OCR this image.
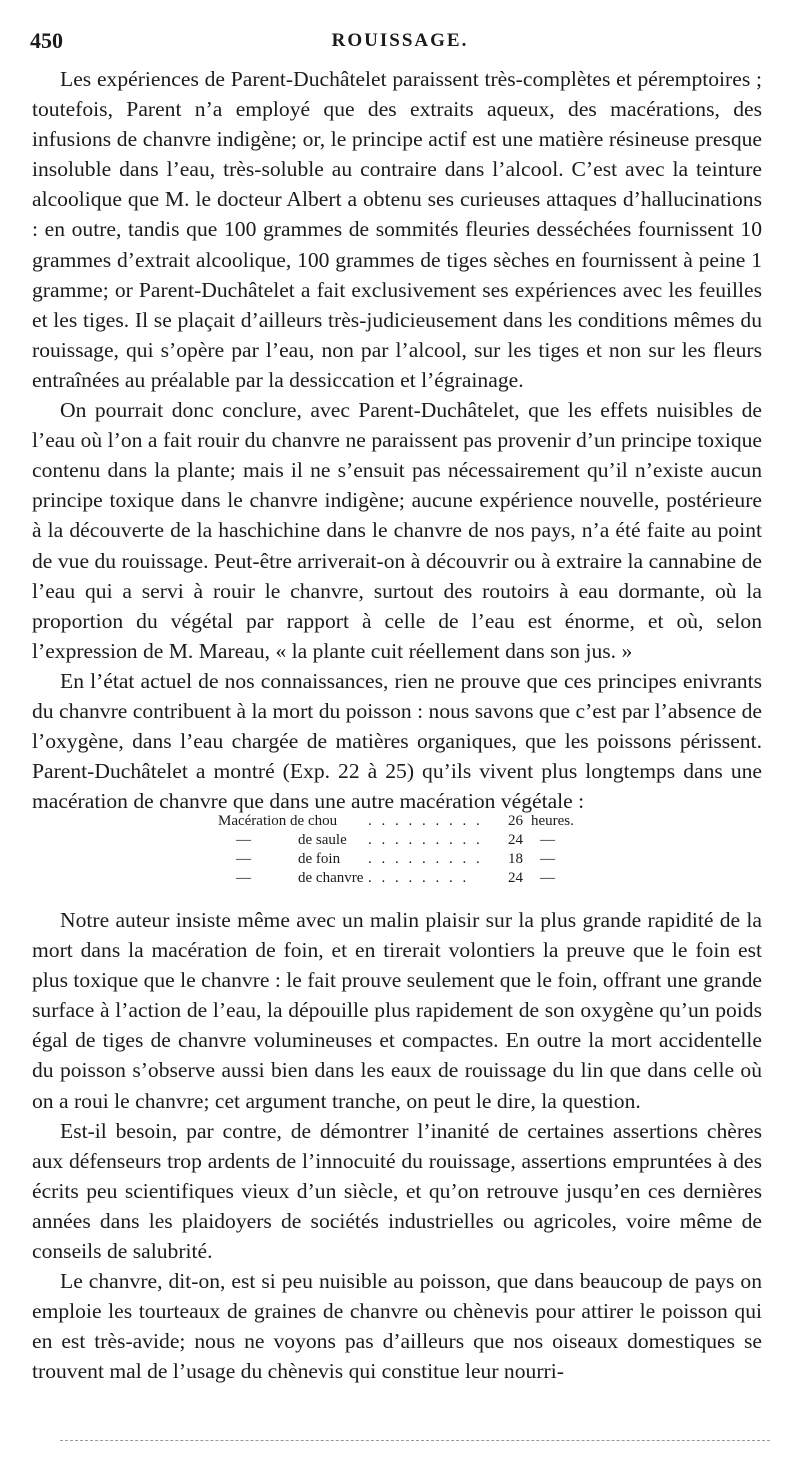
450	ROUISSAGE.

Les expériences de Parent-Duchâtelet paraissent très-complètes et péremptoires ; toutefois, Parent n’a employé que des extraits aqueux, des macérations, des infusions de chanvre indigène; or, le principe actif est une matière résineuse presque insoluble dans l’eau, très-soluble au contraire dans l’alcool. C’est avec la teinture alcoolique que M. le docteur Albert a obtenu ses curieuses attaques d’hallucinations : en outre, tandis que 100 grammes de sommités fleuries desséchées fournissent 10 grammes d’extrait alcoolique, 100 grammes de tiges sèches en fournissent à peine 1 gramme; or Parent-Duchâtelet a fait exclusivement ses expériences avec les feuilles et les tiges. Il se plaçait d’ailleurs très-judicieusement dans les conditions mêmes du rouissage, qui s’opère par l’eau, non par l’alcool, sur les tiges et non sur les fleurs entraînées au préalable par la dessiccation et l’égrainage.

On pourrait donc conclure, avec Parent-Duchâtelet, que les effets nuisibles de l’eau où l’on a fait rouir du chanvre ne paraissent pas provenir d’un principe toxique contenu dans la plante; mais il ne s’ensuit pas nécessairement qu’il n’existe aucun principe toxique dans le chanvre indigène; aucune expérience nouvelle, postérieure à la découverte de la haschichine dans le chanvre de nos pays, n’a été faite au point de vue du rouissage. Peut-être arriverait-on à découvrir ou à extraire la cannabine de l’eau qui a servi à rouir le chanvre, surtout des routoirs à eau dormante, où la proportion du végétal par rapport à celle de l’eau est énorme, et où, selon l’expression de M. Mareau, « la plante cuit réellement dans son jus. »

En l’état actuel de nos connaissances, rien ne prouve que ces principes enivrants du chanvre contribuent à la mort du poisson : nous savons que c’est par l’absence de l’oxygène, dans l’eau chargée de matières organiques, que les poissons périssent. Parent-Duchâtelet a montré (Exp. 22 à 25) qu’ils vivent plus longtemps dans une macération de chanvre que dans une autre macération végétale :

Macération de chou . . . . . . . . .	26 heures.
—	de saule . . . . . . . . .	24 —
—	de foin . . . . . . . . .	18 —
—	de chanvre . . . . . . . .	24 —

Notre auteur insiste même avec un malin plaisir sur la plus grande rapidité de la mort dans la macération de foin, et en tirerait volontiers la preuve que le foin est plus toxique que le chanvre : le fait prouve seulement que le foin, offrant une grande surface à l’action de l’eau, la dépouille plus rapidement de son oxygène qu’un poids égal de tiges de chanvre volumineuses et compactes. En outre la mort accidentelle du poisson s’observe aussi bien dans les eaux de rouissage du lin que dans celle où on a roui le chanvre; cet argument tranche, on peut le dire, la question.

Est-il besoin, par contre, de démontrer l’inanité de certaines assertions chères aux défenseurs trop ardents de l’innocuité du rouissage, assertions empruntées à des écrits peu scientifiques vieux d’un siècle, et qu’on retrouve jusqu’en ces dernières années dans les plaidoyers de sociétés industrielles ou agricoles, voire même de conseils de salubrité.

Le chanvre, dit-on, est si peu nuisible au poisson, que dans beaucoup de pays on emploie les tourteaux de graines de chanvre ou chènevis pour attirer le poisson qui en est très-avide; nous ne voyons pas d’ailleurs que nos oiseaux domestiques se trouvent mal de l’usage du chènevis qui constitue leur nourri-
